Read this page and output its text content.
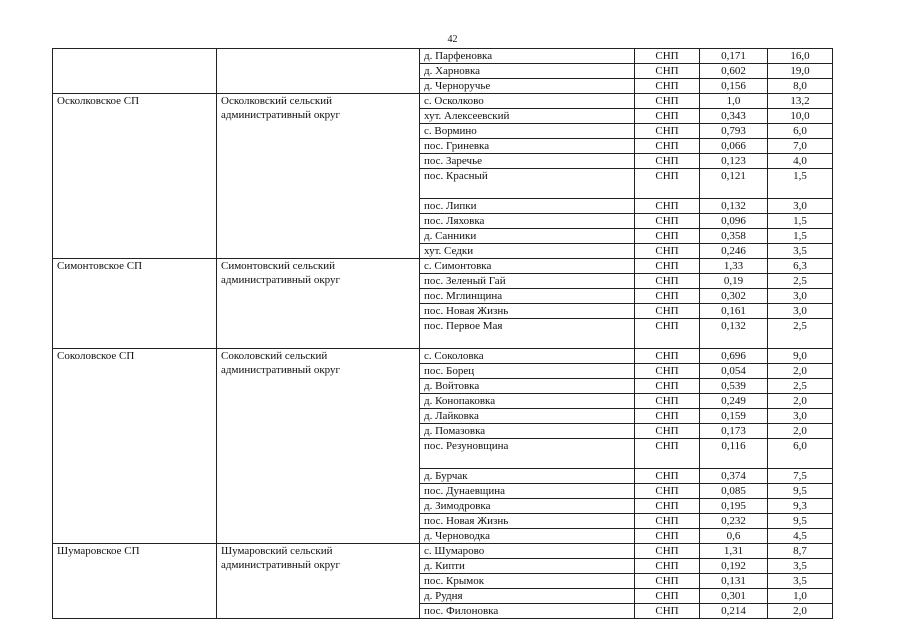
42
		д. Парфеновка	СНП	0,171	16,0
		д. Харновка	СНП	0,602	19,0
		д. Черноручье	СНП	0,156	8,0
Осколковское СП	Осколковский сельский административный округ	с. Осколково	СНП	1,0	13,2
		хут. Алексеевский	СНП	0,343	10,0
		с. Вормино	СНП	0,793	6,0
		пос. Гриневка	СНП	0,066	7,0
		пос. Заречье	СНП	0,123	4,0
		пос. Красный	СНП	0,121	1,5
		пос. Липки	СНП	0,132	3,0
		пос. Ляховка	СНП	0,096	1,5
		д. Санники	СНП	0,358	1,5
		хут. Седки	СНП	0,246	3,5
Симонтовское СП	Симонтовский сельский административный округ	с. Симонтовка	СНП	1,33	6,3
		пос. Зеленый Гай	СНП	0,19	2,5
		пос. Мглинщина	СНП	0,302	3,0
		пос. Новая Жизнь	СНП	0,161	3,0
		пос. Первое Мая	СНП	0,132	2,5
Соколовское СП	Соколовский сельский административный округ	с. Соколовка	СНП	0,696	9,0
		пос. Борец	СНП	0,054	2,0
		д. Войтовка	СНП	0,539	2,5
		д. Конопаковка	СНП	0,249	2,0
		д. Лайковка	СНП	0,159	3,0
		д. Помазовка	СНП	0,173	2,0
		пос. Резуновщина	СНП	0,116	6,0
		д. Бурчак	СНП	0,374	7,5
		пос. Дунаевщина	СНП	0,085	9,5
		д. Зимодровка	СНП	0,195	9,3
		пос. Новая Жизнь	СНП	0,232	9,5
		д. Черноводка	СНП	0,6	4,5
Шумаровское СП	Шумаровский сельский административный округ	с. Шумарово	СНП	1,31	8,7
		д. Кипти	СНП	0,192	3,5
		пос. Крымок	СНП	0,131	3,5
		д. Рудня	СНП	0,301	1,0
		пос. Филоновка	СНП	0,214	2,0
